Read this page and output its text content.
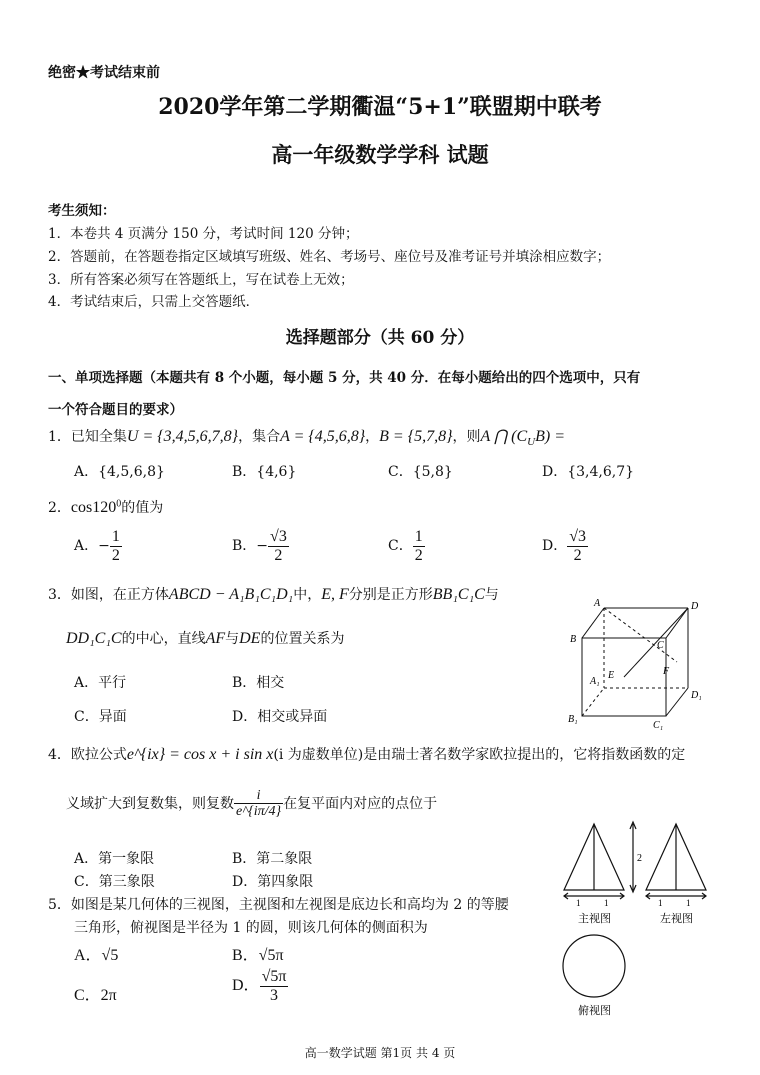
绝密★考试结束前
2020学年第二学期衢温“5+1”联盟期中联考
高一年级数学学科 试题
考生须知：
1．本卷共 4 页满分 150 分，考试时间 120 分钟；
2．答题前，在答题卷指定区域填写班级、姓名、考场号、座位号及准考证号并填涂相应数字；
3．所有答案必须写在答题纸上，写在试卷上无效；
4．考试结束后，只需上交答题纸．
选择题部分（共 60 分）
一、单项选择题（本题共有 8 个小题，每小题 5 分，共 40 分．在每小题给出的四个选项中，只有
一个符合题目的要求）
1．已知全集U = {3,4,5,6,7,8}，集合A = {4,5,6,8}，B = {5,7,8}，则A ⋂ $(C_UB)$ =
A．{4,5,6,8}	B．{4,6}	C．{5,8}	D．{3,4,6,7}
2．$\cos 120^0$的值为
A．− $\frac{1}{2}$	B．− $\frac{√3}{2}$	C． $\frac{1}{2}$	D． $\frac{√3}{2}$
3．如图，在正方体ABCD − A₁B₁C₁D₁中，E, F分别是正方形BB₁C₁C与
DD₁C₁C的中心，直线AF与DE的位置关系为
A．平行	B．相交
C．异面	D．相交或异面
A	D
B
C
A₁
E	F
D₁
B₁
C₁
4．欧拉公式e^{ix} = cos x + i sin x(i 为虚数单位)是由瑞士著名数学家欧拉提出的，它将指数函数的定
义域扩大到复数集，则复数 $\frac{i}{e\^{}\{i\pi/4\}}$ 在复平面内对应的点位于
A．第一象限	B．第二象限
C．第三象限	D．第四象限
5．如图是某几何体的三视图，主视图和左视图是底边长和高均为 2 的等腰
三角形，俯视图是半径为 1 的圆，则该几何体的侧面积为
A．√5	B．√5π
C．2π
D． $\frac{√5\pi}{3}$
2
1	1	1	1
主视图	左视图
俯视图
高一数学试题 第1页 共 4 页
